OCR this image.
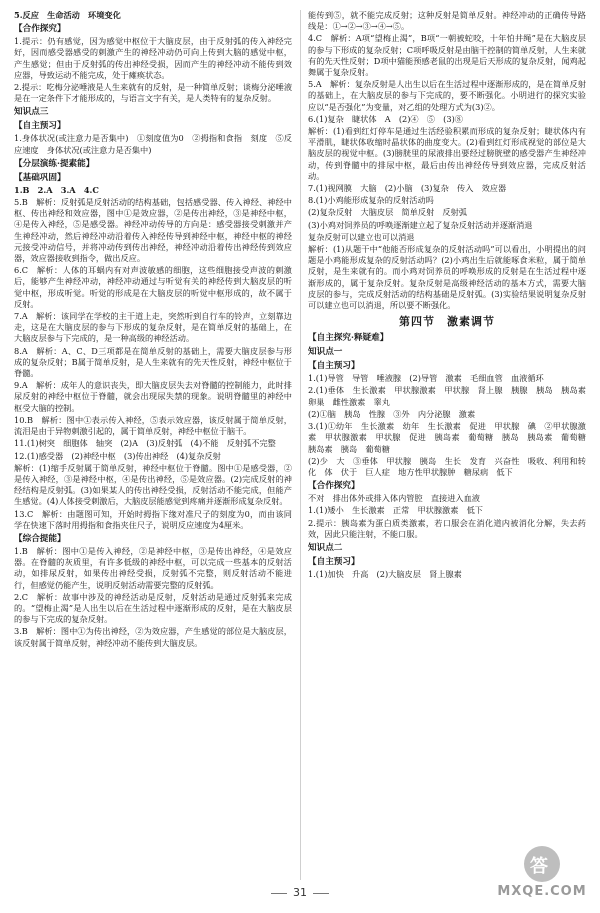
5.反应　生命活动　环境变化
【合作探究】
1.提示：仍有感觉，因为感觉中枢位于大脑皮层，由于反射弧的传入神经完好，因而感受器感受的刺激产生的神经冲动仍可向上传到大脑的感觉中枢，产生感觉；但由于反射弧的传出神经受损，因而产生的神经冲动不能传到效应器，导致运动不能完成，处于瘫痪状态。
2.提示：吃梅分泌唾液是人生来就有的反射，是一种简单反射；谈梅分泌唾液是在一定条件下才能形成的，与语言文字有关，是人类特有的复杂反射。
知识点三
【自主预习】
1.身体状况(或注意力是否集中)　①刻度值为0　②拇指和食指　刻度　⑤反应速度　身体状况(或注意力是否集中)
【分层演练·提素能】
【基础巩固】
1.B　2.A　3.A　4.C
5.B　解析：反射弧是反射活动的结构基础，包括感受器、传入神经、神经中枢、传出神经和效应器，图中①是效应器，②是传出神经，③是神经中枢，④是传入神经，⑤是感受器。神经冲动传导的方向是：感受器接受刺激并产生神经冲动，然后神经冲动沿着传入神经传导到神经中枢，神经中枢的神经元接受冲动信号，并将冲动传到传出神经，神经冲动沿着传出神经传到效应器，效应器接收到指令，做出反应。
6.C　解析：人体的耳蜗内有对声波敏感的细胞，这些细胞接受声波的刺激后，能够产生神经冲动，神经冲动通过与听觉有关的神经传到大脑皮层的听觉中枢，形成听觉。听觉的形成是在大脑皮层的听觉中枢形成的，故不属于反射。
7.A　解析：该同学在学校的主干道上走，突然听到自行车的铃声，立刻靠边走，这是在大脑皮层的参与下形成的复杂反射，是在简单反射的基础上，在大脑皮层参与下完成的，是一种高级的神经活动。
8.A　解析：A、C、D三项都是在简单反射的基础上，需要大脑皮层参与形成的复杂反射；B属于简单反射，是人生来就有的先天性反射，神经中枢位于脊髓。
9.A　解析：成年人的意识丧失，即大脑皮层失去对脊髓的控制能力，此时排尿反射的神经中枢位于脊髓，就会出现尿失禁的现象。说明脊髓里的神经中枢受大脑的控制。
10.B　解析：图中①表示传入神经，⑤表示效应器，该反射属于简单反射，流泪是由于异物刺激引起的，属于简单反射，神经中枢位于脑干。
11.(1)树突　细胞体　轴突　(2)A　(3)反射弧　(4)不能　反射弧不完整
12.(1)感受器　(2)神经中枢　(3)传出神经　(4)复杂反射
解析：(1)缩手反射属于简单反射，神经中枢位于脊髓。图中①是感受器，②是传入神经，③是神经中枢，④是传出神经，⑤是效应器。(2)完成反射的神经结构是反射弧。(3)如果某人的传出神经受损，反射活动不能完成，但能产生感觉。(4)人体接受刺激后，大脑皮层能感觉到疼痛并逐渐形成复杂反射。
13.C　解析：由题图可知，开始时拇指下缘对准尺子的刻度为0，而由该同学在快速下落时用拇指和食指夹住尺子，说明反应速度为4厘米。
【综合提能】
1.B　解析：图中①是传入神经，②是神经中枢，③是传出神经，④是效应器。在脊髓的灰质里，有许多低级的神经中枢，可以完成一些基本的反射活动，如排尿反射，如果传出神经受损，反射弧不完整，则反射活动不能进行，但感觉仍能产生，说明反射活动需要完整的反射弧。
2.C　解析：故事中涉及的神经活动是反射，反射活动是通过反射弧来完成的。“望梅止渴”是人出生以后在生活过程中逐渐形成的反射，是在大脑皮层的参与下完成的复杂反射。
3.B　解析：图中①为传出神经，②为效应器，产生感觉的部位是大脑皮层，该反射属于简单反射，神经冲动不能传到大脑皮层。
能传到⑤，就不能完成反射；这种反射是简单反射。神经冲动的正确传导路线是：①→②→③→④→⑤。
4.C　解析：A项“望梅止渴”，B项“一朝被蛇咬，十年怕井绳”是在大脑皮层的参与下形成的复杂反射；C项呼吸反射是由脑干控制的简单反射，人生来就有的先天性反射；D项中猫能预感老鼠的出现是后天形成的复杂反射，闻鸡起舞属于复杂反射。
5.A　解析：复杂反射是人出生以后在生活过程中逐渐形成的，是在简单反射的基础上，在大脑皮层的参与下完成的，要不断强化。小明进行的探究实验应以“是否强化”为变量，对乙组的处理方式为(3)②。
6.(1)复杂　睫状体　A　(2)④　⑤　(3)⑧
解析：(1)看到红灯停车是通过生活经验积累而形成的复杂反射；睫状体内有平滑肌，睫状体收缩时晶状体的曲度变大。(2)看到红灯形成视觉的部位是大脑皮层的视觉中枢。(3)膀胱里的尿液排出要经过膀胱壁的感受器产生神经冲动，传到脊髓中的排尿中枢，最后由传出神经传导到效应器，完成反射活动。
7.(1)视网膜　大脑　(2)小脑　(3)复杂　传入　效应器
8.(1)小鸡能形成复杂的反射活动吗
(2)复杂反射　大脑皮层　简单反射　反射弧
(3)小鸡对饲养员的呼唤逐渐建立起了复杂反射活动并逐渐消退
复杂反射可以建立也可以消退
解析：(1)从题干中“他能否形成复杂的反射活动吗”可以看出，小明提出的问题是小鸡能形成复杂的反射活动吗？(2)小鸡出生后就能啄食米粒，属于简单反射，是生来就有的。而小鸡对饲养员的呼唤形成的反射是在生活过程中逐渐形成的，属于复杂反射。复杂反射是高级神经活动的基本方式，需要大脑皮层的参与，完成反射活动的结构基础是反射弧。(3)实验结果说明复杂反射可以建立也可以消退，所以要不断强化。
第四节　激素调节
【自主探究·释疑难】
知识点一
【自主预习】
1.(1)导管　导管　唾液腺　(2)导管　激素　毛细血管　血液循环
2.(1)垂体　生长激素　甲状腺激素　甲状腺　肾上腺　胰腺　胰岛　胰岛素　卵巢　雌性激素　睾丸
(2)①脑　胰岛　性腺　③外　内分泌腺　激素
3.(1)①幼年　生长激素　幼年　生长激素　促进　甲状腺　碘　②甲状腺激素　甲状腺激素　甲状腺　促进　胰岛素　葡萄糖　胰岛　胰岛素　葡萄糖　胰岛素　胰岛　葡萄糖
(2)少　大　③垂体　甲状腺　胰岛　生长　发育　兴奋性　吸收、利用和转化　体　伏于　巨人症　地方性甲状腺肿　糖尿病　低下
【合作探究】
不对　排出体外或排入体内管腔　直接进入血液
1.(1)矮小　生长激素　正常　甲状腺激素　低下
2.提示：胰岛素为蛋白质类激素，若口服会在消化道内被消化分解，失去药效，因此只能注射，不能口服。
知识点二
【自主预习】
1.(1)加快　升高　(2)大脑皮层　肾上腺素
31
答
MXQE.COM
